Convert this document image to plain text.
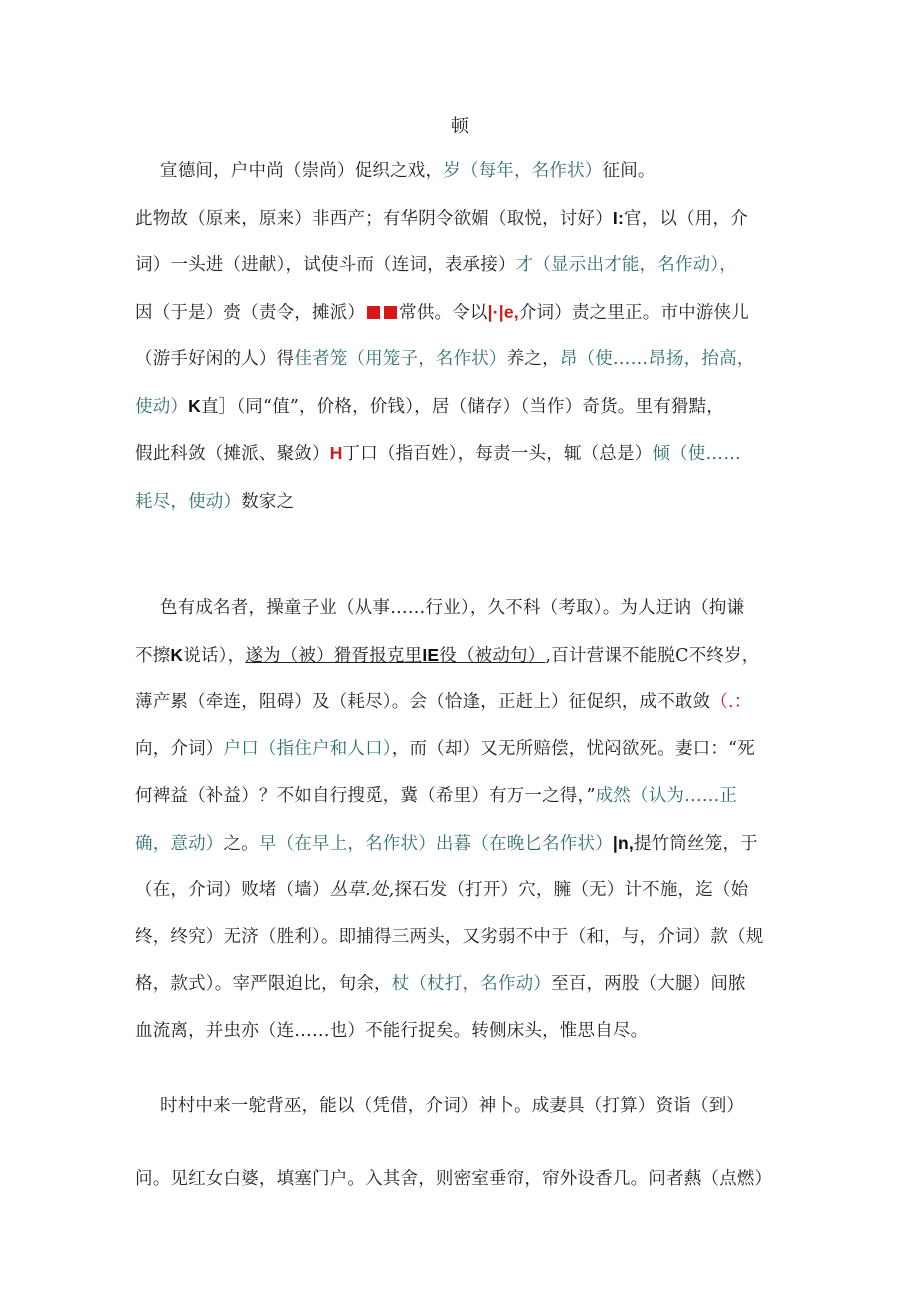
顿
宣德间，户中尚（崇尚）促织之戏，岁（每年，名作状）征间。
此物故（原来，原来）非西产；有华阴令欲媚（取悦，讨好）I:官，以（用，介
词）一头进（进献），试使斗而（连词，表承接）才（显示出才能，名作动），
因（于是）赍（责令，摊派） 常供。令以|·|e,介词）责之里正。市中游侠儿
（游手好闲的人）得佳者笼（用笼子，名作状）养之，昂（使……昂扬，抬高，
使动）K直］（同“值”，价格，价钱），居（储存）（当作）奇货。里有猾黠，
假此科敛（摊派、聚敛）H丁口（指百姓），每责一头，辄（总是）倾（使……
耗尽，使动）数家之
色有成名者，操童子业（从事……行业），久不科（考取）。为人迂讷（拘谦
不擦K说话），遂为（被）猾胥报克里IE役（被动句）,百计营课不能脱C不终岁，
薄产累（牵连，阻碍）及（耗尽）。会（恰逢，正赶上）征促织，成不敢敛（.：
向，介词）户口（指住户和人口），而（却）又无所赔偿，忧闷欲死。妻口：“死
何裨益（补益）？不如自行搜觅，冀（希里）有万一之得，”成然（认为……正
确，意动）之。早（在早上，名作状）出暮（在晚匕名作状）|n,提竹筒丝笼，于
（在，介词）败堵（墙）丛草.处,探石发（打开）穴，臃（无）计不施，迄（始
终，终究）无济（胜利）。即捕得三两头，又劣弱不中于（和，与，介词）款（规
格，款式）。宰严限迫比，旬余，杖（杖打，名作动）至百，两股（大腿）间脓
血流离，并虫亦（连……也）不能行捉矣。转侧床头，惟思自尽。
时村中来一鸵背巫，能以（凭借，介词）神卜。成妻具（打算）资诣（到）
问。见红女白婆，填塞门户。入其舍，则密室垂帘，帘外设香几。问者爇（点燃）
